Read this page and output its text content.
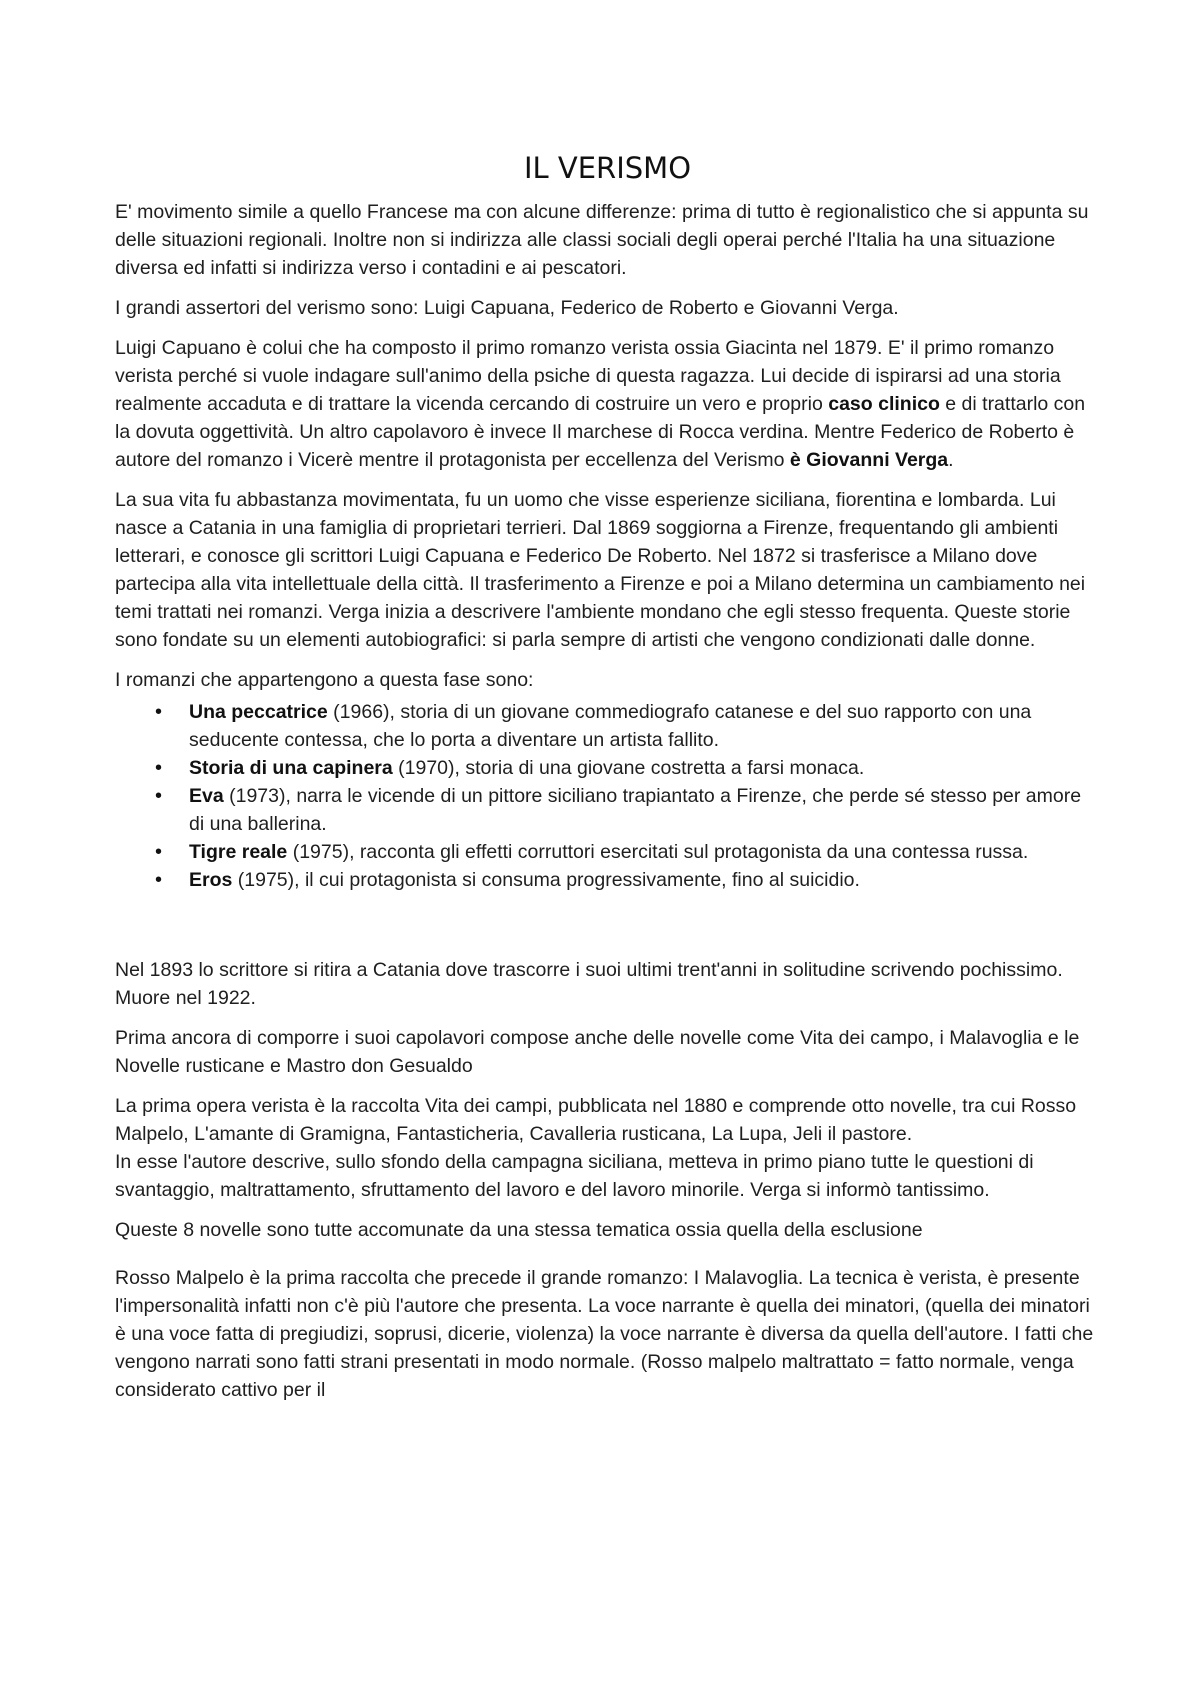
IL VERISMO

E' movimento simile a quello Francese ma con alcune differenze: prima di tutto è regionalistico che si appunta su delle situazioni regionali. Inoltre non si indirizza alle classi sociali degli operai perché l'Italia ha una situazione diversa ed infatti si indirizza verso i contadini e ai pescatori.

I grandi assertori del verismo sono: Luigi Capuana, Federico de Roberto e Giovanni Verga.

Luigi Capuano è colui che ha composto il primo romanzo verista ossia Giacinta nel 1879. E' il primo romanzo verista perché si vuole indagare sull'animo della psiche di questa ragazza. Lui decide di ispirarsi ad una storia realmente accaduta e di trattare la vicenda cercando di costruire un vero e proprio caso clinico e di trattarlo con la dovuta oggettività. Un altro capolavoro è invece Il marchese di Rocca verdina. Mentre Federico de Roberto è autore del romanzo i Vicerè mentre il protagonista per eccellenza del Verismo è Giovanni Verga.

La sua vita fu abbastanza movimentata, fu un uomo che visse esperienze siciliana, fiorentina e lombarda. Lui nasce a Catania in una famiglia di proprietari terrieri. Dal 1869 soggiorna a Firenze, frequentando gli ambienti letterari, e conosce gli scrittori Luigi Capuana e Federico De Roberto. Nel 1872 si trasferisce a Milano dove partecipa alla vita intellettuale della città. Il trasferimento a Firenze e poi a Milano determina un cambiamento nei temi trattati nei romanzi. Verga inizia a descrivere l'ambiente mondano che egli stesso frequenta. Queste storie sono fondate su un elementi autobiografici: si parla sempre di artisti che vengono condizionati dalle donne.

I romanzi che appartengono a questa fase sono:

• Una peccatrice (1966), storia di un giovane commediografo catanese e del suo rapporto con una seducente contessa, che lo porta a diventare un artista fallito.
• Storia di una capinera (1970), storia di una giovane costretta a farsi monaca.
• Eva (1973), narra le vicende di un pittore siciliano trapiantato a Firenze, che perde sé stesso per amore di una ballerina.
• Tigre reale (1975), racconta gli effetti corruttori esercitati sul protagonista da una contessa russa.
• Eros (1975), il cui protagonista si consuma progressivamente, fino al suicidio.

Nel 1893 lo scrittore si ritira a Catania dove trascorre i suoi ultimi trent'anni in solitudine scrivendo pochissimo. Muore nel 1922.

Prima ancora di comporre i suoi capolavori compose anche delle novelle come Vita dei campo, i Malavoglia e le Novelle rusticane e Mastro don Gesualdo

La prima opera verista è la raccolta Vita dei campi, pubblicata nel 1880 e comprende otto novelle, tra cui Rosso Malpelo, L'amante di Gramigna, Fantasticheria, Cavalleria rusticana, La Lupa, Jeli il pastore.

In esse l'autore descrive, sullo sfondo della campagna siciliana, metteva in primo piano tutte le questioni di svantaggio, maltrattamento, sfruttamento del lavoro e del lavoro minorile. Verga si informò tantissimo.

Queste 8 novelle sono tutte accomunate da una stessa tematica ossia quella della esclusione

Rosso Malpelo è la prima raccolta che precede il grande romanzo: I Malavoglia. La tecnica è verista, è presente l'impersonalità infatti non c'è più l'autore che presenta. La voce narrante è quella dei minatori, (quella dei minatori è una voce fatta di pregiudizi, soprusi, dicerie, violenza) la voce narrante è diversa da quella dell'autore. I fatti che vengono narrati sono fatti strani presentati in modo normale. (Rosso malpelo maltrattato = fatto normale, venga considerato cattivo per il
